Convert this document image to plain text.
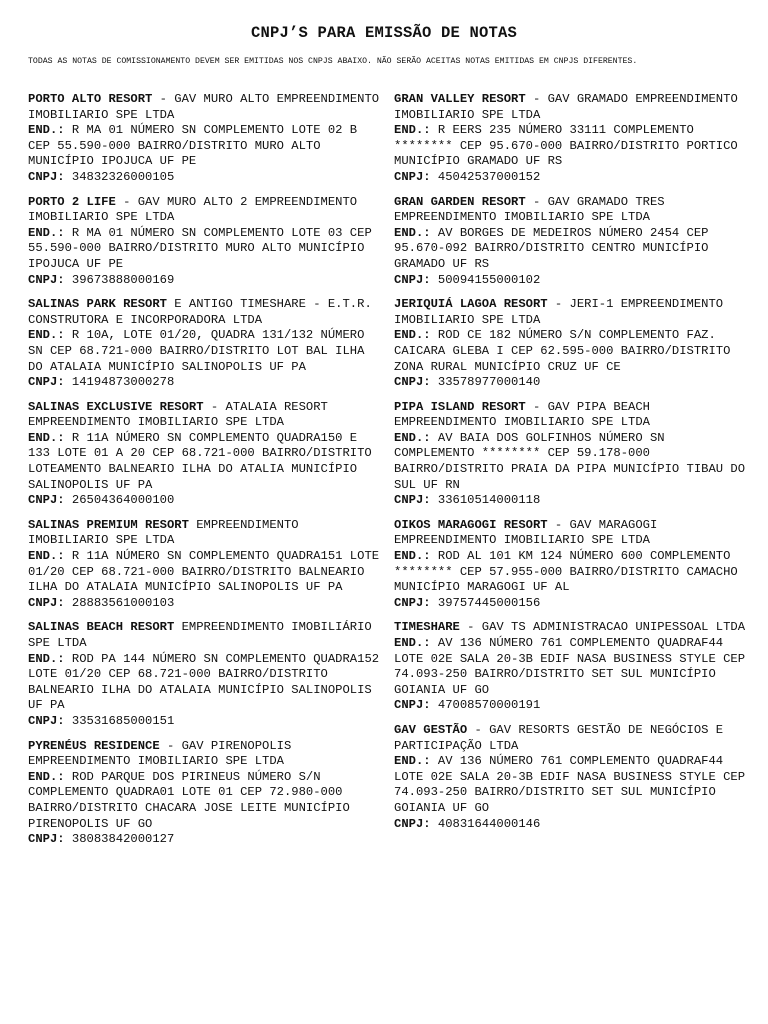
CNPJ’S PARA EMISSÃO DE NOTAS
TODAS AS NOTAS DE COMISSIONAMENTO DEVEM SER EMITIDAS NOS CNPJS ABAIXO. NÃO SERÃO ACEITAS NOTAS EMITIDAS EM CNPJS DIFERENTES.
PORTO ALTO RESORT - GAV MURO ALTO EMPREENDIMENTO IMOBILIARIO SPE LTDA
END.: R MA 01 NÚMERO SN COMPLEMENTO LOTE 02 B CEP 55.590-000 BAIRRO/DISTRITO MURO ALTO MUNICÍPIO IPOJUCA UF PE
CNPJ: 34832326000105
PORTO 2 LIFE - GAV MURO ALTO 2 EMPREENDIMENTO IMOBILIARIO SPE LTDA
END.: R MA 01 NÚMERO SN COMPLEMENTO LOTE 03 CEP 55.590-000 BAIRRO/DISTRITO MURO ALTO MUNICÍPIO IPOJUCA UF PE
CNPJ: 39673888000169
SALINAS PARK RESORT E ANTIGO TIMESHARE - E.T.R. CONSTRUTORA E INCORPORADORA LTDA
END.: R 10A, LOTE 01/20, QUADRA 131/132 NÚMERO SN CEP 68.721-000 BAIRRO/DISTRITO LOT BAL ILHA DO ATALAIA MUNICÍPIO SALINOPOLIS UF PA
CNPJ: 14194873000278
SALINAS EXCLUSIVE RESORT - ATALAIA RESORT EMPREENDIMENTO IMOBILIARIO SPE LTDA
END.: R 11A NÚMERO SN COMPLEMENTO QUADRA150 E 133 LOTE 01 A 20 CEP 68.721-000 BAIRRO/DISTRITO LOTEAMENTO BALNEARIO ILHA DO ATALIA MUNICÍPIO SALINOPOLIS UF PA
CNPJ: 26504364000100
SALINAS PREMIUM RESORT EMPREENDIMENTO IMOBILIARIO SPE LTDA
END.: R 11A NÚMERO SN COMPLEMENTO QUADRA151 LOTE 01/20 CEP 68.721-000 BAIRRO/DISTRITO BALNEARIO ILHA DO ATALAIA MUNICÍPIO SALINOPOLIS UF PA
CNPJ: 28883561000103
SALINAS BEACH RESORT EMPREENDIMENTO IMOBILIÁRIO SPE LTDA
END.: ROD PA 144 NÚMERO SN COMPLEMENTO QUADRA152 LOTE 01/20 CEP 68.721-000 BAIRRO/DISTRITO BALNEARIO ILHA DO ATALAIA MUNICÍPIO SALINOPOLIS UF PA
CNPJ: 33531685000151
PYRENÉUS RESIDENCE - GAV PIRENOPOLIS EMPREENDIMENTO IMOBILIARIO SPE LTDA
END.: ROD PARQUE DOS PIRINEUS NÚMERO S/N COMPLEMENTO QUADRA01 LOTE 01 CEP 72.980-000 BAIRRO/DISTRITO CHACARA JOSE LEITE MUNICÍPIO PIRENOPOLIS UF GO
CNPJ: 38083842000127
GRAN VALLEY RESORT - GAV GRAMADO EMPREENDIMENTO IMOBILIARIO SPE LTDA
END.: R EERS 235 NÚMERO 33111 COMPLEMENTO ******** CEP 95.670-000 BAIRRO/DISTRITO PORTICO MUNICÍPIO GRAMADO UF RS
CNPJ: 45042537000152
GRAN GARDEN RESORT - GAV GRAMADO TRES EMPREENDIMENTO IMOBILIARIO SPE LTDA
END.: AV BORGES DE MEDEIROS NÚMERO 2454 CEP 95.670-092 BAIRRO/DISTRITO CENTRO MUNICÍPIO GRAMADO UF RS
CNPJ: 50094155000102
JERIQUIÁ LAGOA RESORT - JERI-1 EMPREENDIMENTO IMOBILIARIO SPE LTDA
END.: ROD CE 182 NÚMERO S/N COMPLEMENTO FAZ. CAICARA GLEBA I CEP 62.595-000 BAIRRO/DISTRITO ZONA RURAL MUNICÍPIO CRUZ UF CE
CNPJ: 33578977000140
PIPA ISLAND RESORT - GAV PIPA BEACH EMPREENDIMENTO IMOBILIARIO SPE LTDA
END.: AV BAIA DOS GOLFINHOS NÚMERO SN COMPLEMENTO ******** CEP 59.178-000 BAIRRO/DISTRITO PRAIA DA PIPA MUNICÍPIO TIBAU DO SUL UF RN
CNPJ: 33610514000118
OIKOS MARAGOGI RESORT - GAV MARAGOGI EMPREENDIMENTO IMOBILIARIO SPE LTDA
END.: ROD AL 101 KM 124 NÚMERO 600 COMPLEMENTO ******** CEP 57.955-000 BAIRRO/DISTRITO CAMACHO MUNICÍPIO MARAGOGI UF AL
CNPJ: 39757445000156
TIMESHARE - GAV TS ADMINISTRACAO UNIPESSOAL LTDA
END.: AV 136 NÚMERO 761 COMPLEMENTO QUADRAF44 LOTE 02E SALA 20-3B EDIF NASA BUSINESS STYLE CEP 74.093-250 BAIRRO/DISTRITO SET SUL MUNICÍPIO GOIANIA UF GO
CNPJ: 47008570000191
GAV GESTÃO - GAV RESORTS GESTÃO DE NEGÓCIOS E PARTICIPAÇÃO LTDA
END.: AV 136 NÚMERO 761 COMPLEMENTO QUADRAF44 LOTE 02E SALA 20-3B EDIF NASA BUSINESS STYLE CEP 74.093-250 BAIRRO/DISTRITO SET SUL MUNICÍPIO GOIANIA UF GO
CNPJ: 40831644000146
